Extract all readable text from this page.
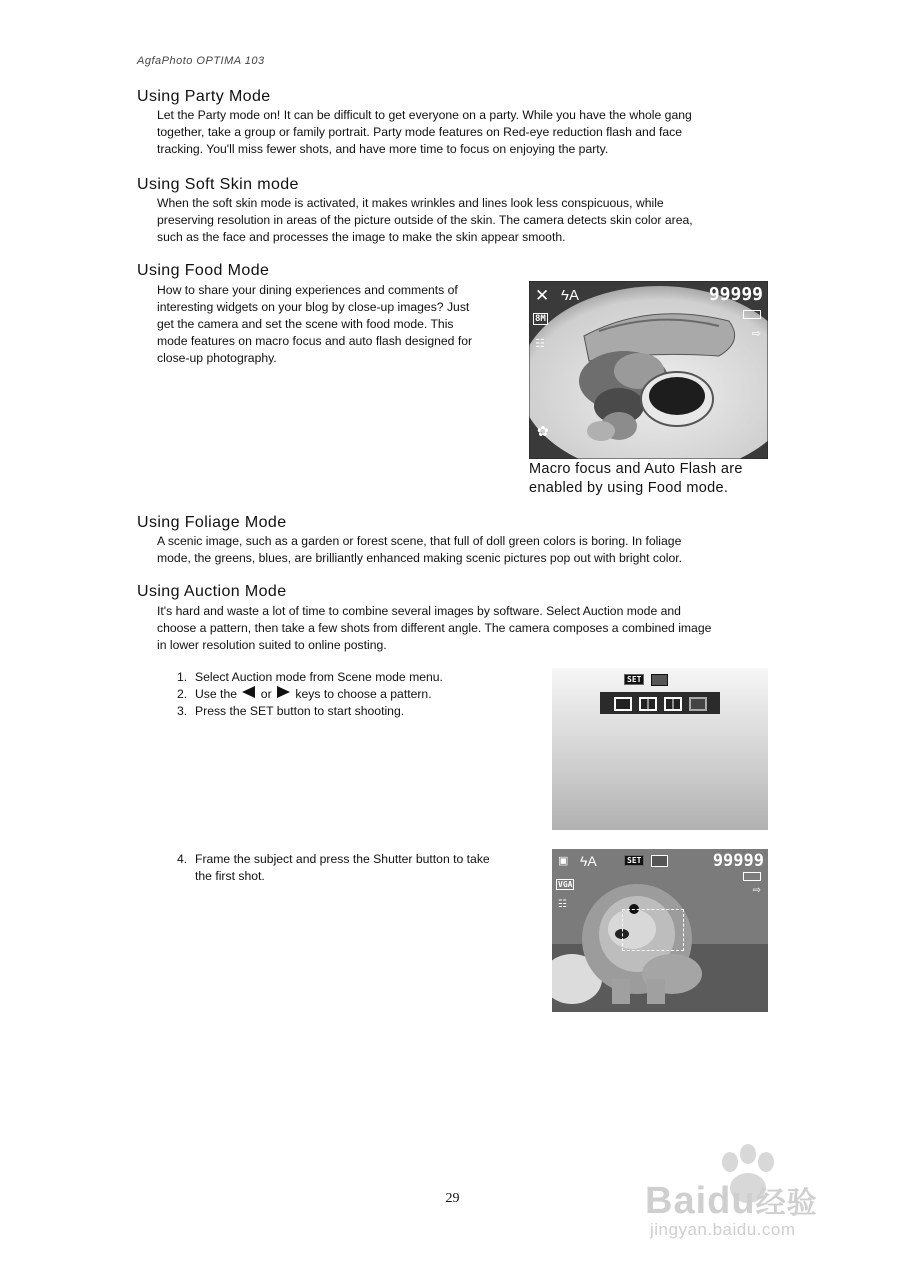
AgfaPhoto OPTIMA 103
Using Party Mode
Let the Party mode on! It can be difficult to get everyone on a party. While you have the whole gang
together, take a group or family portrait. Party mode features on Red-eye reduction flash and face
tracking. You'll miss fewer shots, and have more time to focus on enjoying the party.
Using Soft Skin mode
When the soft skin mode is activated, it makes wrinkles and lines look less conspicuous, while
preserving resolution in areas of the picture outside of the skin. The camera detects skin color area,
such as the face and processes the image to make the skin appear smooth.
Using Food Mode
How to share your dining experiences and comments of
interesting widgets on your blog by close-up images? Just
get the camera and set the scene with food mode. This
mode features on macro focus and auto flash designed for
close-up photography.
✕ ϟA	99999
8M
⇨
☷
✿
Macro focus and Auto Flash are
enabled by using Food mode.
Using Foliage Mode
A scenic image, such as a garden or forest scene, that full of doll green colors is boring. In foliage
mode, the greens, blues, are brilliantly enhanced making scenic pictures pop out with bright color.
Using Auction Mode
It's hard and waste a lot of time to combine several images by software. Select Auction mode and
choose a pattern, then take a few shots from different angle. The camera composes a combined image
in lower resolution suited to online posting.
1. Select Auction mode from Scene mode menu.
2. Use the

or

keys to choose a pattern.
3. Press the SET button to start shooting.
SET
4. Frame the subject and press the Shutter button to take
the first shot.
▣ ϟA	SET	99999
VGA
⇨
☷
29	Baidu经验
jingyan.baidu.com
